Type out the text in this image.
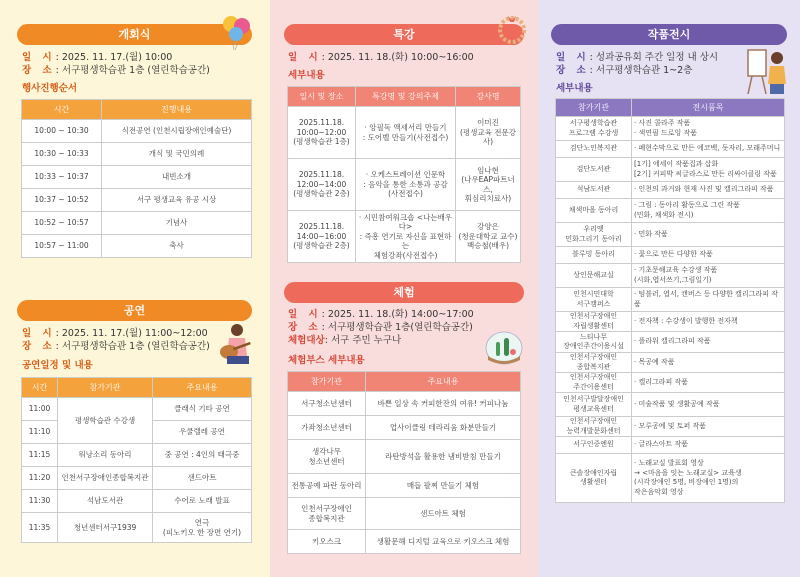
개회식
일 시: 2025. 11. 17.(월) 10:00
장 소: 서구평생학습관 1층 (열린학습공간)
행사진행순서
시간	진행내용
10:00 ~ 10:30	식전공연 (인천시립장애인예술단)
10:30 ~ 10:33	개식 및 국민의례
10:33 ~ 10:37	내빈소개
10:37 ~ 10:52	서구 평생교육 유공 시상
10:52 ~ 10:57	기념사
10:57 ~ 11:00	축사
공연
일 시: 2025. 11. 17.(월) 11:00~12:00
장 소: 서구평생학습관 1층 (열린학습공간)
공연일정 및 내용
시간	참가기관	주요내용
11:00	평생학습관 수강생	클래식 기타 공연
11:10		우쿨렐레 공연
11:15	워낭소리 동아리	중 공연 : 4인의 태극중
11:20	인천서구장애인종합복지관	샌드아트
11:30	석남도서관	수어로 노래 발표
11:35	청년센터서구1939	연극
(피노키오 한 장면 연기)
특강
일 시: 2025. 11. 18.(화) 10:00~16:00
세부내용
일시 및 장소	특강명 및 강의주제	강사명
2025.11.18.
10:00~12:00
(평생학습관 1층)	· 앙필독 액세서리 만들기
: 도어벨 만들기(사전접수)	이미진
(평생교육 전문강사)
2025.11.18.
12:00~14:00
(평생학습관 2층)	· 오케스트레이션 인문학
: 음악을 통한 소통과 공감
(사전접수)	임나현
(나우EAP파트너스,
휘심리치료사)
2025.11.18.
14:00~16:00
(평생학습관 2층)	· 시민참여워크숍 <나는배우다>
: 즉흥 연기로 자신을 표현하는
체험강좌(사전접수)	강양은
(청운대학교 교수)
백승철(배우)
체험
일 시: 2025. 11. 18.(화) 14:00~17:00
장 소: 서구평생학습관 1층(열린학습공간)
체험대상: 서구 주민 누구나
체험부스 세부내용
참가기관	주요내용
서구청소년센터	바쁜 일상 속 커피한잔의 여유! 커피나눔
가좌청소년센터	업사이클링 테라리움 화분만들기
생각나무
청소년센터	라탄방석을 활용한 냄비받침 만들기
전통공예 파란 동아리	매듭 팔찌 만들기 체험
인천서구장애인
종합복지관	샌드아트 체험
키오스크	생활문해 디지털 교육으로 키오스크 체험
작품전시
일 시: 성과공유회 주간 일정 내 상시
장 소: 서구평생학습관 1~2층
세부내용
참가기관	전시품목
서구평생학습관
프로그램 수강생	· 사진 콜라주 작품
· 색연필 드로잉 작품
검단노인복지관	· 폐현수막으로 만든 에코백, 돗자리, 모래주머니
검단도서관	[1기] 에세이 작품집과 삽화
[2기] 커피박 씨글라스로 만든 리싸이클링 작품
석남도서관	· 인천의 과거와 현재 사진 및 캘리그라피 작품
채색마을 동아리	· 그림 : 동아리 활동으로 그린 작품
(민화, 채색화 전시)
우리옛
민화그리기 동아리	· 민화 작품
블루밍 동아리	· 꽃으로 만든 다양한 작품
상인문해교실	· 기초문해교육 수강생 작품
(시화,엽서쓰기,그림일기)
인천시민대학
서구캠퍼스	· 텀블러, 엽서, 캔버스 등 다양한 캘리그라피 작품
인천서구장애인
자립생활센터	· 전자책 : 수강생이 발행한 전자책
느티나무
장애인주간이용시설	· 플라워 캘리그라피 작품
인천서구장애인
종합복지관	· 목공예 작품
인천서구장애인
주간이용센터	· 캘리그라피 작품
인천서구발달장애인
평생교육센터	· 미술작품 및 생활공예 작품
인천서구장애인
능력개발문화센터	· 모루공예 및 토퍼 작품
서구인중엔원	· 글라스아트 작품
큰솔장애인자립
생활센터	· 노래교실 발표회 영상
→ <마음을 잇는 노래교실> 교육생
(시각장애인 5명, 비장애인 1명)의
작은음악회 영상
